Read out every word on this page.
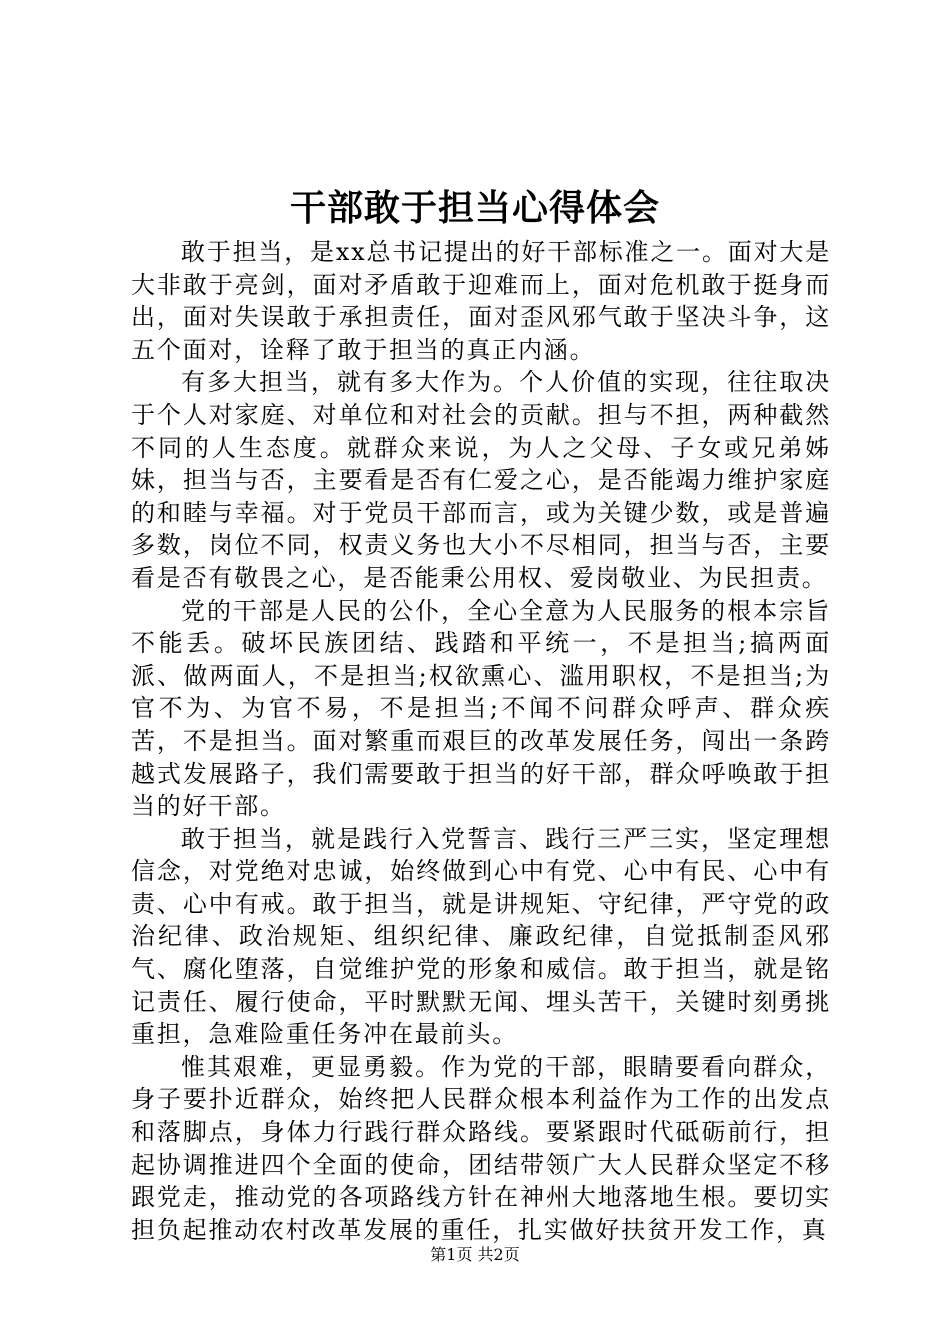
干部敢于担当心得体会

敢于担当，是xx总书记提出的好干部标准之一。面对大是大非敢于亮剑，面对矛盾敢于迎难而上，面对危机敢于挺身而出，面对失误敢于承担责任，面对歪风邪气敢于坚决斗争，这五个面对，诠释了敢于担当的真正内涵。

有多大担当，就有多大作为。个人价值的实现，往往取决于个人对家庭、对单位和对社会的贡献。担与不担，两种截然不同的人生态度。就群众来说，为人之父母、子女或兄弟姊妹，担当与否，主要看是否有仁爱之心，是否能竭力维护家庭的和睦与幸福。对于党员干部而言，或为关键少数，或是普遍多数，岗位不同，权责义务也大小不尽相同，担当与否，主要看是否有敬畏之心，是否能秉公用权、爱岗敬业、为民担责。

党的干部是人民的公仆，全心全意为人民服务的根本宗旨不能丢。破坏民族团结、践踏和平统一，不是担当;搞两面派、做两面人，不是担当;权欲熏心、滥用职权，不是担当;为官不为、为官不易，不是担当;不闻不问群众呼声、群众疾苦，不是担当。面对繁重而艰巨的改革发展任务，闯出一条跨越式发展路子，我们需要敢于担当的好干部，群众呼唤敢于担当的好干部。

敢于担当，就是践行入党誓言、践行三严三实，坚定理想信念，对党绝对忠诚，始终做到心中有党、心中有民、心中有责、心中有戒。敢于担当，就是讲规矩、守纪律，严守党的政治纪律、政治规矩、组织纪律、廉政纪律，自觉抵制歪风邪气、腐化堕落，自觉维护党的形象和威信。敢于担当，就是铭记责任、履行使命，平时默默无闻、埋头苦干，关键时刻勇挑重担，急难险重任务冲在最前头。

惟其艰难，更显勇毅。作为党的干部，眼睛要看向群众，身子要扑近群众，始终把人民群众根本利益作为工作的出发点和落脚点，身体力行践行群众路线。要紧跟时代砥砺前行，担起协调推进四个全面的使命，团结带领广大人民群众坚定不移跟党走，推动党的各项路线方针在神州大地落地生根。要切实担负起推动农村改革发展的重任，扎实做好扶贫开发工作，真

第1页 共2页
